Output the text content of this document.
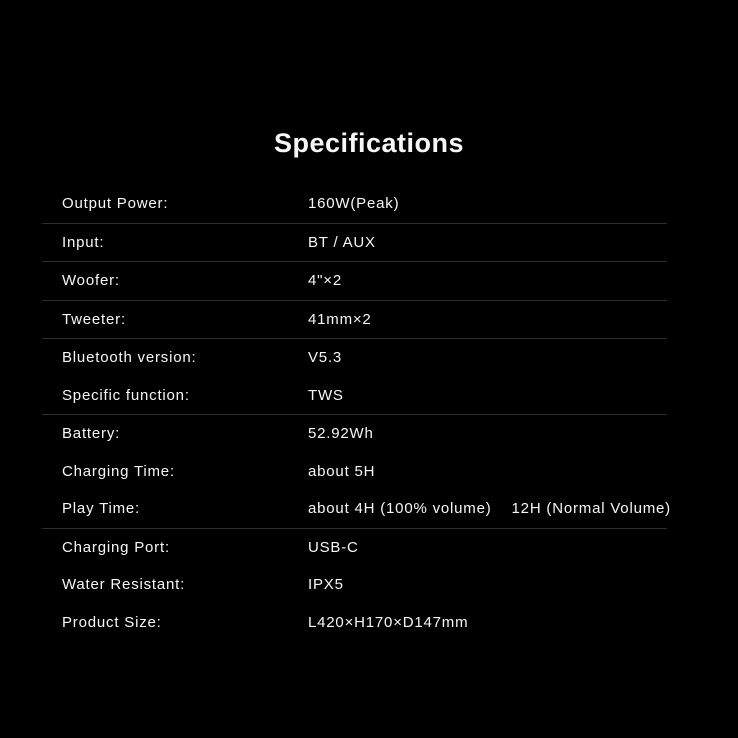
Specifications
Output Power:	160W(Peak)
Input:	BT / AUX
Woofer:	4"×2
Tweeter:	41mm×2
Bluetooth version:	V5.3
Specific function:	TWS
Battery:	52.92Wh
Charging Time:	about 5H
Play Time:	about 4H (100% volume) 12H (Normal Volume)
Charging Port:	USB-C
Water Resistant:	IPX5
Product Size:	L420×H170×D147mm
